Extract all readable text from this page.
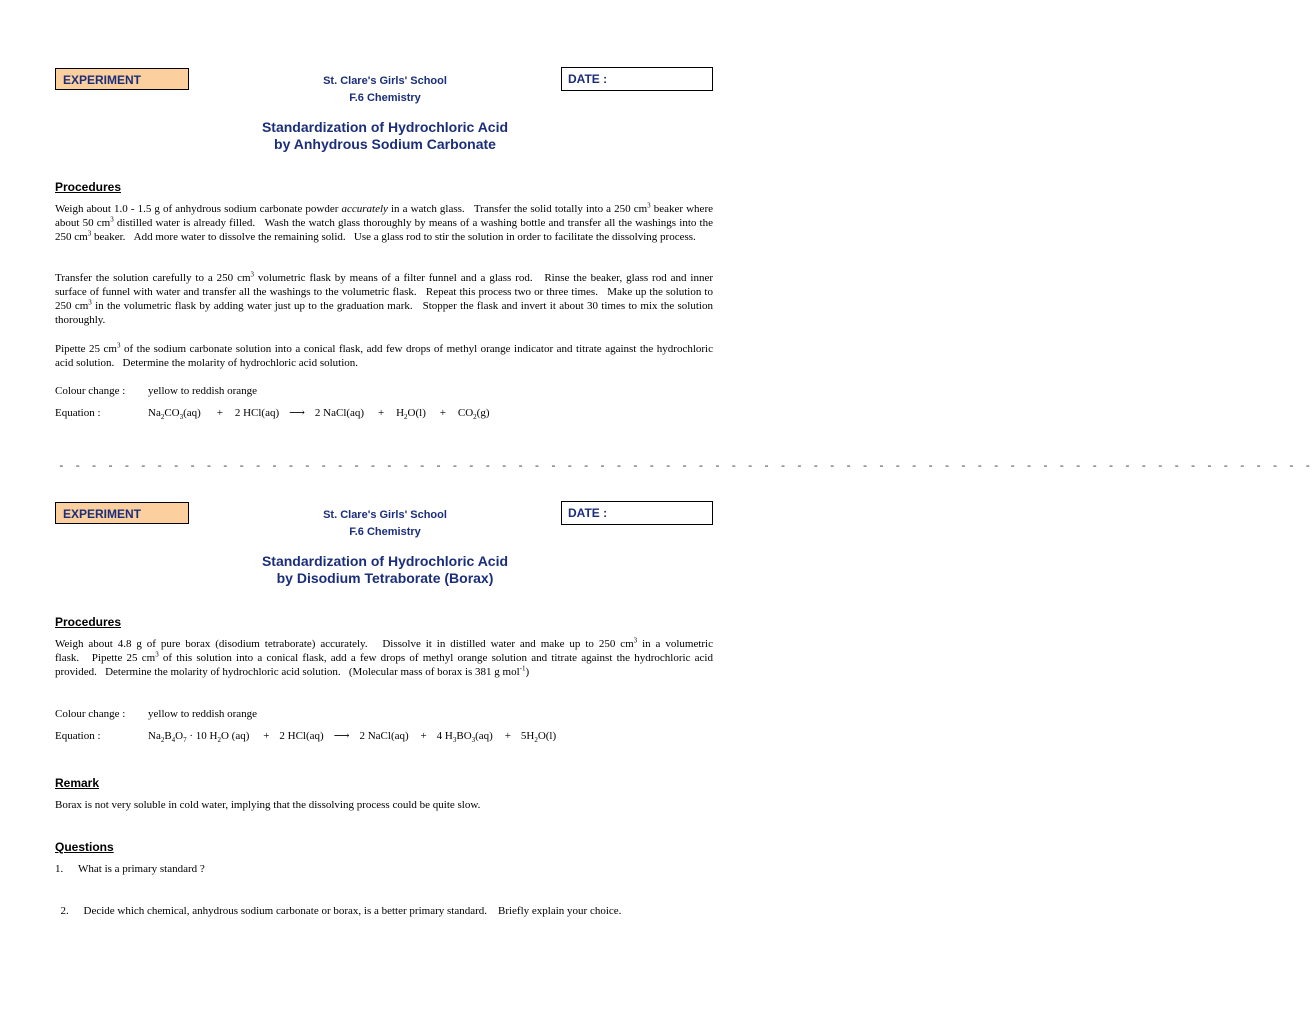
EXPERIMENT	St. Clare's Girls' School
F.6 Chemistry
DATE :
Standardization of Hydrochloric Acid
by Anhydrous Sodium Carbonate
Procedures

Weigh about 1.0 - 1.5 g of anhydrous sodium carbonate powder accurately in a watch glass.   Transfer the solid totally into a 250 $cm^3$ beaker where about 50 $cm^3$ distilled water is already filled.   Wash the watch glass thoroughly by means of a washing bottle and transfer all the washings into the 250 $cm^3$ beaker.   Add more water to dissolve the remaining solid.   Use a glass rod to stir the solution in order to facilitate the dissolving process.

Transfer the solution carefully to a 250 $cm^3$ volumetric flask by means of a filter funnel and a glass rod.   Rinse the beaker, glass rod and inner surface of funnel with water and transfer all the washings to the volumetric flask.   Repeat this process two or three times.   Make up the solution to 250 $cm^3$ in the volumetric flask by adding water just up to the graduation mark.   Stopper the flask and invert it about 30 times to mix the solution thoroughly.

Pipette 25 $cm^3$ of the sodium carbonate solution into a conical flask, add few drops of methyl orange indicator and titrate against the hydrochloric acid solution.   Determine the molarity of hydrochloric acid solution.

Colour change : yellow to reddish orange
Equation :	$Na_2CO_3(aq) + 2$ HCl(aq) ⟶ 2 NaCl(aq) + $H_2O(l) + CO_2(g)$
- - - - - - - - - - - - - - - - - - - - - - - - - - - - - - - - - - - - - - - - - - - - - - - - - - - - - - - - - - - - - - - - - - - - - - - - - - - - -
EXPERIMENT	St. Clare's Girls' School
F.6 Chemistry
DATE :
Standardization of Hydrochloric Acid
by Disodium Tetraborate (Borax)
Procedures

Weigh about 4.8 g of pure borax (disodium tetraborate) accurately.   Dissolve it in distilled water and make up to 250 $cm^3$ in a volumetric flask.   Pipette 25 $cm^3$ of this solution into a conical flask, add a few drops of methyl orange solution and titrate against the hydrochloric acid provided.   Determine the molarity of hydrochloric acid solution.   (Molecular mass of borax is 381 g mol$^{-1}$)

Colour change : yellow to reddish orange
Equation :	$Na_2B_4O_7 \cdot 10$ $H_2O$ (aq) + 2 HCl(aq) ⟶ 2 NaCl(aq) + 4 $H_3BO_3(aq) + 5H_2O(l)$
Remark
Borax is not very soluble in cold water, implying that the dissolving process could be quite slow.
Questions
1. What is a primary standard ?

2. Decide which chemical, anhydrous sodium carbonate or borax, is a better primary standard.    Briefly explain your choice.
